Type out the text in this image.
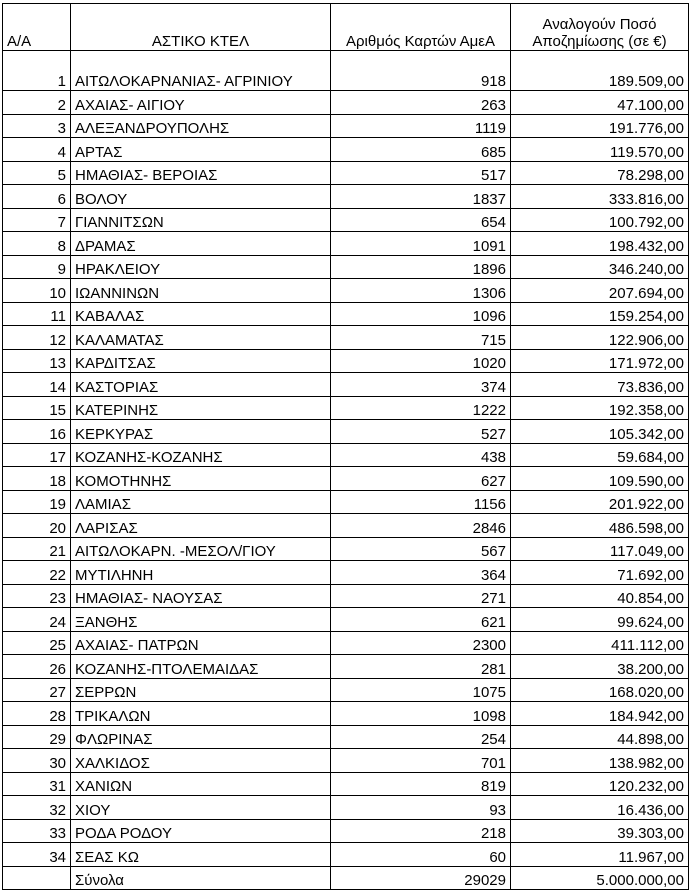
Α/Α	ΑΣΤΙΚΟ ΚΤΕΛ	Αριθμός Καρτών ΑμεΑ	Αναλογούν Ποσό Αποζημίωσης (σε €)
1	ΑΙΤΩΛΟΚΑΡΝΑΝΙΑΣ- ΑΓΡΙΝΙΟΥ	918	189.509,00
2	ΑΧΑΙΑΣ- ΑΙΓΙΟΥ	263	47.100,00
3	ΑΛΕΞΑΝΔΡΟΥΠΟΛΗΣ	1119	191.776,00
4	ΑΡΤΑΣ	685	119.570,00
5	ΗΜΑΘΙΑΣ- ΒΕΡΟΙΑΣ	517	78.298,00
6	ΒΟΛΟΥ	1837	333.816,00
7	ΓΙΑΝΝΙΤΣΩΝ	654	100.792,00
8	ΔΡΑΜΑΣ	1091	198.432,00
9	ΗΡΑΚΛΕΙΟΥ	1896	346.240,00
10	ΙΩΑΝΝΙΝΩΝ	1306	207.694,00
11	ΚΑΒΑΛΑΣ	1096	159.254,00
12	ΚΑΛΑΜΑΤΑΣ	715	122.906,00
13	ΚΑΡΔΙΤΣΑΣ	1020	171.972,00
14	ΚΑΣΤΟΡΙΑΣ	374	73.836,00
15	ΚΑΤΕΡΙΝΗΣ	1222	192.358,00
16	ΚΕΡΚΥΡΑΣ	527	105.342,00
17	ΚΟΖΑΝΗΣ-ΚΟΖΑΝΗΣ	438	59.684,00
18	ΚΟΜΟΤΗΝΗΣ	627	109.590,00
19	ΛΑΜΙΑΣ	1156	201.922,00
20	ΛΑΡΙΣΑΣ	2846	486.598,00
21	ΑΙΤΩΛΟΚΑΡΝ. -ΜΕΣΟΛ/ΓΙΟΥ	567	117.049,00
22	ΜΥΤΙΛΗΝΗ	364	71.692,00
23	ΗΜΑΘΙΑΣ- ΝΑΟΥΣΑΣ	271	40.854,00
24	ΞΑΝΘΗΣ	621	99.624,00
25	ΑΧΑΙΑΣ- ΠΑΤΡΩΝ	2300	411.112,00
26	ΚΟΖΑΝΗΣ-ΠΤΟΛΕΜΑΙΔΑΣ	281	38.200,00
27	ΣΕΡΡΩΝ	1075	168.020,00
28	ΤΡΙΚΑΛΩΝ	1098	184.942,00
29	ΦΛΩΡΙΝΑΣ	254	44.898,00
30	ΧΑΛΚΙΔΟΣ	701	138.982,00
31	ΧΑΝΙΩΝ	819	120.232,00
32	ΧΙΟΥ	93	16.436,00
33	ΡΟΔΑ ΡΟΔΟΥ	218	39.303,00
34	ΣΕΑΣ ΚΩ	60	11.967,00
	Σύνολα	29029	5.000.000,00
